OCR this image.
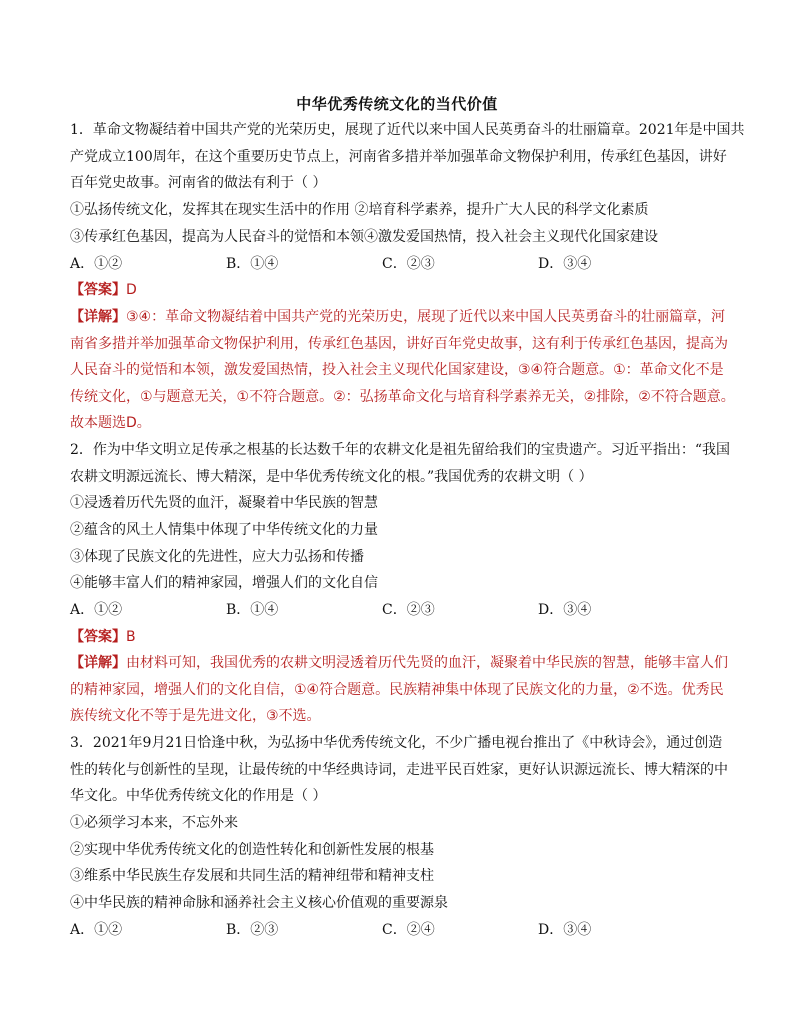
中华优秀传统文化的当代价值
1．革命文物凝结着中国共产党的光荣历史，展现了近代以来中国人民英勇奋斗的壮丽篇章。2021年是中国共
产党成立100周年，在这个重要历史节点上，河南省多措并举加强革命文物保护利用，传承红色基因，讲好
百年党史故事。河南省的做法有利于（ ）
①弘扬传统文化，发挥其在现实生活中的作用 ②培育科学素养，提升广大人民的科学文化素质
③传承红色基因，提高为人民奋斗的觉悟和本领④激发爱国热情，投入社会主义现代化国家建设
A．①②	B．①④	C．②③	D．③④
【答案】D
【详解】③④：革命文物凝结着中国共产党的光荣历史，展现了近代以来中国人民英勇奋斗的壮丽篇章，河
南省多措并举加强革命文物保护利用，传承红色基因，讲好百年党史故事，这有利于传承红色基因，提高为
人民奋斗的觉悟和本领，激发爱国热情，投入社会主义现代化国家建设，③④符合题意。①：革命文化不是
传统文化，①与题意无关，①不符合题意。②：弘扬革命文化与培育科学素养无关，②排除，②不符合题意。
故本题选D。
2．作为中华文明立足传承之根基的长达数千年的农耕文化是祖先留给我们的宝贵遗产。习近平指出：“我国
农耕文明源远流长、博大精深，是中华优秀传统文化的根。”我国优秀的农耕文明（ ）
①浸透着历代先贤的血汗，凝聚着中华民族的智慧
②蕴含的风土人情集中体现了中华传统文化的力量
③体现了民族文化的先进性，应大力弘扬和传播
④能够丰富人们的精神家园，增强人们的文化自信
A．①②	B．①④	C．②③	D．③④
【答案】B
【详解】由材料可知，我国优秀的农耕文明浸透着历代先贤的血汗，凝聚着中华民族的智慧，能够丰富人们
的精神家园，增强人们的文化自信，①④符合题意。民族精神集中体现了民族文化的力量，②不选。优秀民
族传统文化不等于是先进文化，③不选。
3．2021年9月21日恰逢中秋，为弘扬中华优秀传统文化，不少广播电视台推出了《中秋诗会》，通过创造
性的转化与创新性的呈现，让最传统的中华经典诗词，走进平民百姓家，更好认识源远流长、博大精深的中
华文化。中华优秀传统文化的作用是（ ）
①必须学习本来，不忘外来
②实现中华优秀传统文化的创造性转化和创新性发展的根基
③维系中华民族生存发展和共同生活的精神纽带和精神支柱
④中华民族的精神命脉和涵养社会主义核心价值观的重要源泉
A．①②	B．②③	C．②④	D．③④
